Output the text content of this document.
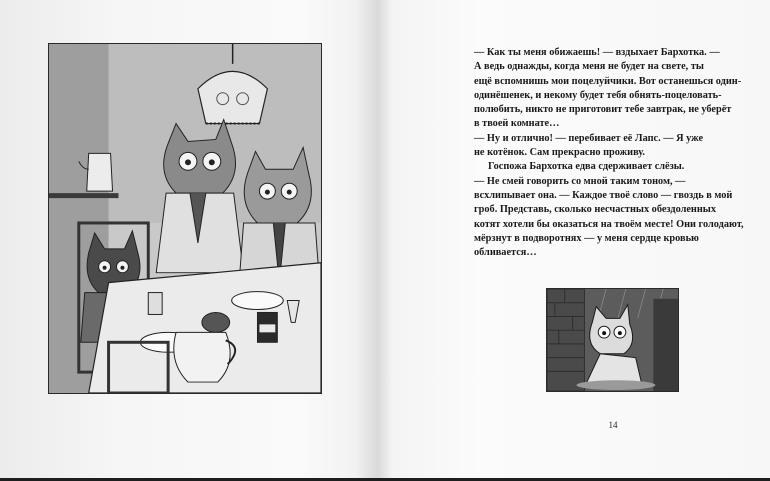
— Как ты меня обижаешь! — вздыхает Бархотка. —

А ведь однажды, когда меня не будет на свете, ты

ещё вспомнишь мои поцелуйчики. Вот останешься один-

одинёшенек, и некому будет тебя обнять-поцеловать-

полюбить, никто не приготовит тебе завтрак, не уберёт

в твоей комнате…

— Ну и отлично! — перебивает её Лапс. — Я уже

не котёнок. Сам прекрасно проживу.

Госпожа Бархотка едва сдерживает слёзы.

— Не смей говорить со мной таким тоном, —

всхлипывает она. — Каждое твоё слово — гвоздь в мой

гроб. Представь, сколько несчастных обездоленных

котят хотели бы оказаться на твоём месте! Они голодают,

мёрзнут в подворотнях — у меня сердце кровью

обливается…

14
